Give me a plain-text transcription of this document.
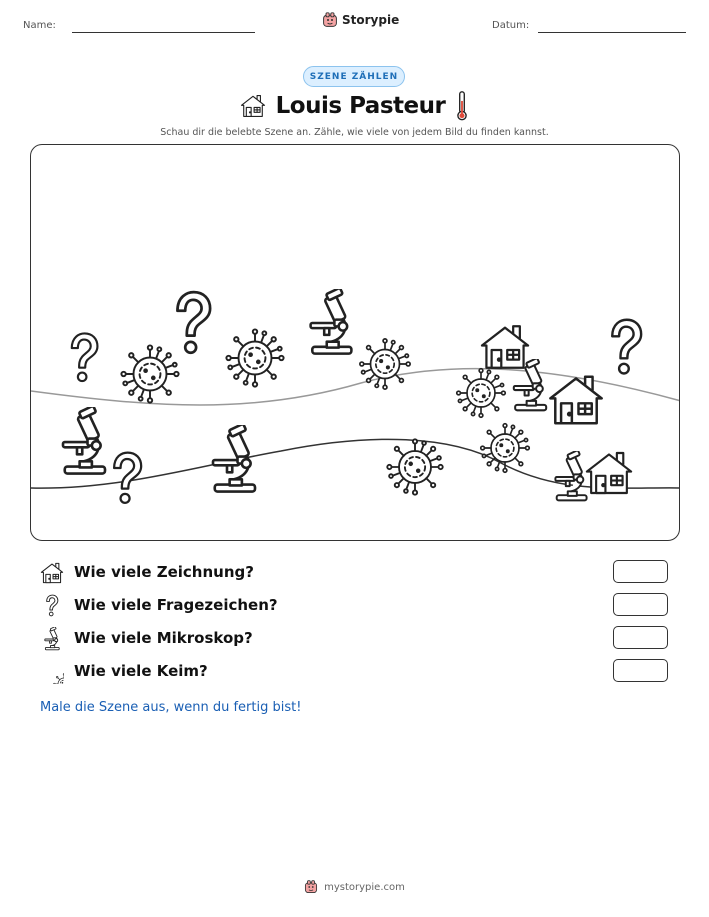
Name:	Storypie	Datum:
SZENE ZÄHLEN
Louis Pasteur
Schau dir die belebte Szene an. Zähle, wie viele von jedem Bild du finden kannst.
Wie viele Zeichnung?
Wie viele Fragezeichen?
Wie viele Mikroskop?
Wie viele Keim?
Male die Szene aus, wenn du fertig bist!
mystorypie.com
